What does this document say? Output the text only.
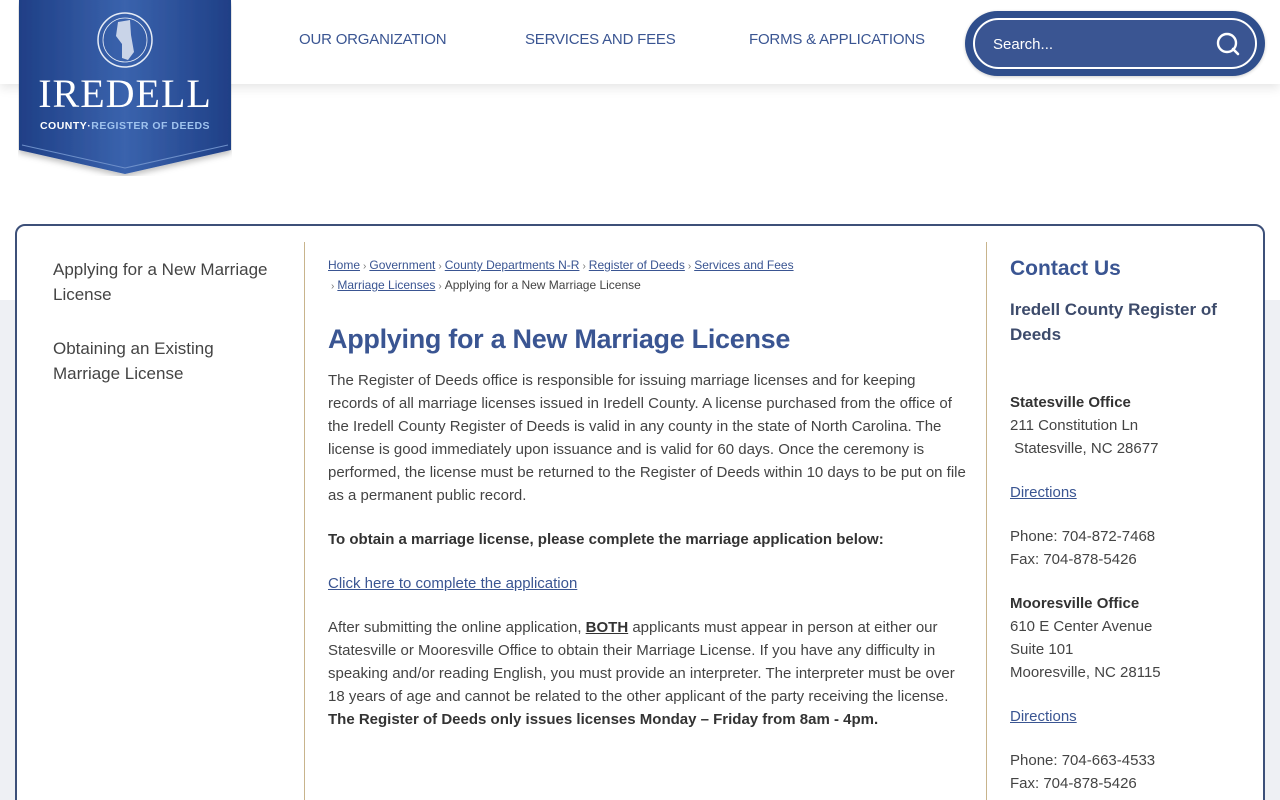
IREDELL
COUNTY·REGISTER OF DEEDS
OUR ORGANIZATION	SERVICES AND FEES	FORMS & APPLICATIONS
Search...
Applying for a New Marriage License
Obtaining an Existing Marriage License
Home › Government › County Departments N-R › Register of Deeds › Services and Fees
› Marriage Licenses › Applying for a New Marriage License
Applying for a New Marriage License

The Register of Deeds office is responsible for issuing marriage licenses and for keeping records of all marriage licenses issued in Iredell County. A license purchased from the office of the Iredell County Register of Deeds is valid in any county in the state of North Carolina. The license is good immediately upon issuance and is valid for 60 days. Once the ceremony is performed, the license must be returned to the Register of Deeds within 10 days to be put on file as a permanent public record.

To obtain a marriage license, please complete the marriage application below:

Click here to complete the application

After submitting the online application, BOTH applicants must appear in person at either our Statesville or Mooresville Office to obtain their Marriage License. If you have any difficulty in speaking and/or reading English, you must provide an interpreter. The interpreter must be over 18 years of age and cannot be related to the other applicant of the party receiving the license. The Register of Deeds only issues licenses Monday – Friday from 8am - 4pm.

Contact Us
Iredell County Register of Deeds
Statesville Office
211 Constitution Ln
Statesville, NC 28677
Directions
Phone: 704-872-7468
Fax: 704-878-5426
Mooresville Office
610 E Center Avenue
Suite 101
Mooresville, NC 28115
Directions
Phone: 704-663-4533
Fax: 704-878-5426
